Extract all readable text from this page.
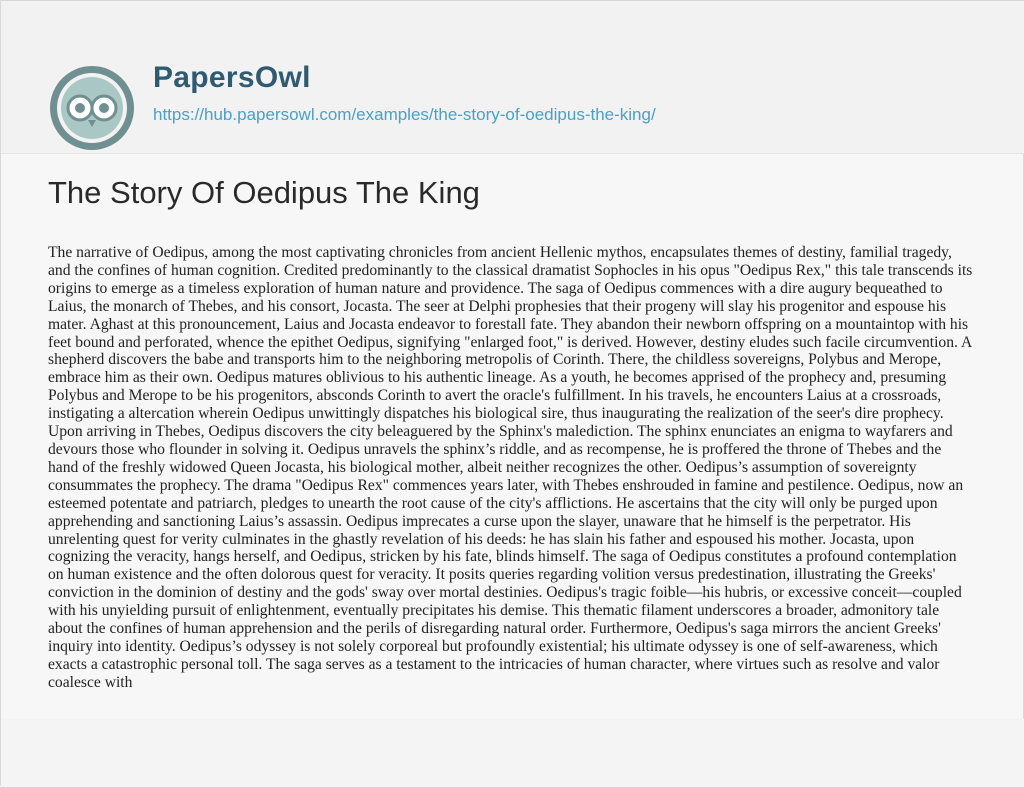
PapersOwl
https://hub.papersowl.com/examples/the-story-of-oedipus-the-king/
The Story Of Oedipus The King

The narrative of Oedipus, among the most captivating chronicles from ancient Hellenic mythos, encapsulates themes of destiny, familial tragedy, and the confines of human cognition. Credited predominantly to the classical dramatist Sophocles in his opus "Oedipus Rex," this tale transcends its origins to emerge as a timeless exploration of human nature and providence. The saga of Oedipus commences with a dire augury bequeathed to Laius, the monarch of Thebes, and his consort, Jocasta. The seer at Delphi prophesies that their progeny will slay his progenitor and espouse his mater. Aghast at this pronouncement, Laius and Jocasta endeavor to forestall fate. They abandon their newborn offspring on a mountaintop with his feet bound and perforated, whence the epithet Oedipus, signifying "enlarged foot," is derived. However, destiny eludes such facile circumvention. A shepherd discovers the babe and transports him to the neighboring metropolis of Corinth. There, the childless sovereigns, Polybus and Merope, embrace him as their own. Oedipus matures oblivious to his authentic lineage. As a youth, he becomes apprised of the prophecy and, presuming Polybus and Merope to be his progenitors, absconds Corinth to avert the oracle's fulfillment. In his travels, he encounters Laius at a crossroads, instigating a altercation wherein Oedipus unwittingly dispatches his biological sire, thus inaugurating the realization of the seer's dire prophecy. Upon arriving in Thebes, Oedipus discovers the city beleaguered by the Sphinx's malediction. The sphinx enunciates an enigma to wayfarers and devours those who flounder in solving it. Oedipus unravels the sphinx’s riddle, and as recompense, he is proffered the throne of Thebes and the hand of the freshly widowed Queen Jocasta, his biological mother, albeit neither recognizes the other. Oedipus’s assumption of sovereignty consummates the prophecy. The drama "Oedipus Rex" commences years later, with Thebes enshrouded in famine and pestilence. Oedipus, now an esteemed potentate and patriarch, pledges to unearth the root cause of the city's afflictions. He ascertains that the city will only be purged upon apprehending and sanctioning Laius’s assassin. Oedipus imprecates a curse upon the slayer, unaware that he himself is the perpetrator. His unrelenting quest for verity culminates in the ghastly revelation of his deeds: he has slain his father and espoused his mother. Jocasta, upon cognizing the veracity, hangs herself, and Oedipus, stricken by his fate, blinds himself. The saga of Oedipus constitutes a profound contemplation on human existence and the often dolorous quest for veracity. It posits queries regarding volition versus predestination, illustrating the Greeks' conviction in the dominion of destiny and the gods' sway over mortal destinies. Oedipus's tragic foible—his hubris, or excessive conceit—coupled with his unyielding pursuit of enlightenment, eventually precipitates his demise. This thematic filament underscores a broader, admonitory tale about the confines of human apprehension and the perils of disregarding natural order. Furthermore, Oedipus's saga mirrors the ancient Greeks' inquiry into identity. Oedipus’s odyssey is not solely corporeal but profoundly existential; his ultimate odyssey is one of self-awareness, which exacts a catastrophic personal toll. The saga serves as a testament to the intricacies of human character, where virtues such as resolve and valor coalesce with
